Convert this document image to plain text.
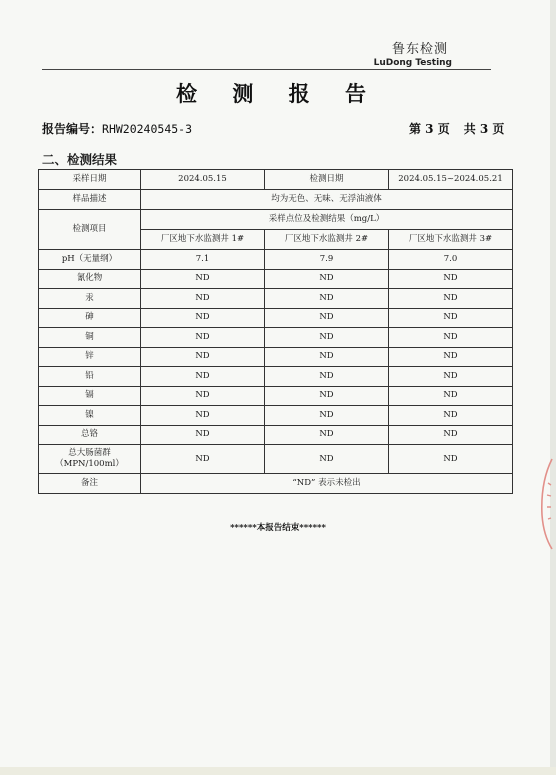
鲁东检测
LuDong Testing
检 测 报 告
报告编号：RHW20240545-3	第 3 页 共 3 页
二、检测结果
采样日期	2024.05.15	检测日期	2024.05.15~2024.05.21
样品描述	均为无色、无味、无浮油液体		
检测项目	采样点位及检测结果（mg/L）		
	厂区地下水监测井 1#	厂区地下水监测井 2#	厂区地下水监测井 3#
pH（无量纲）	7.1	7.9	7.0
氰化物	ND	ND	ND
汞	ND	ND	ND
砷	ND	ND	ND
铜	ND	ND	ND
锌	ND	ND	ND
铅	ND	ND	ND
镉	ND	ND	ND
镍	ND	ND	ND
总铬	ND	ND	ND

总大肠菌群
（MPN/100ml）	ND	ND	ND
备注	“ND” 表示未检出		
******本报告结束******
